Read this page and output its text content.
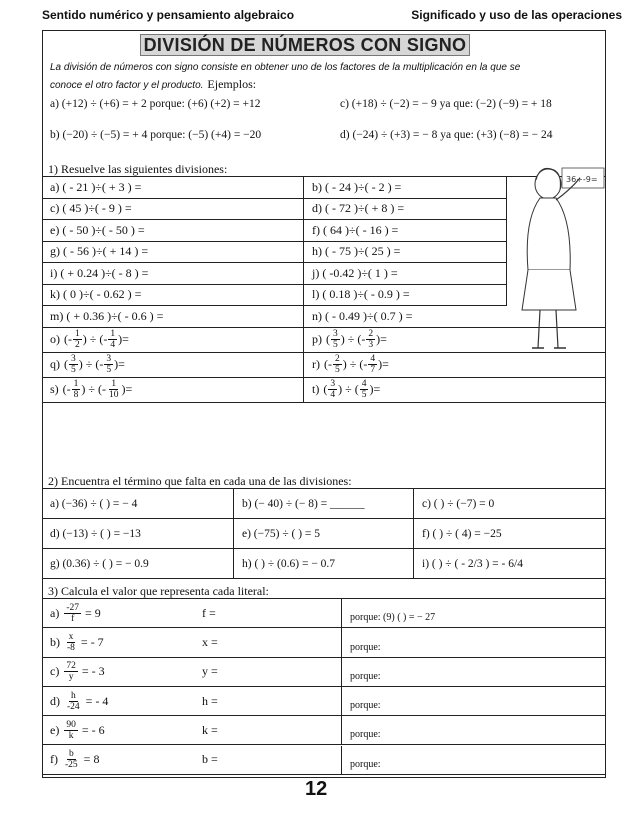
Sentido numérico y pensamiento algebraico	Significado y uso de las operaciones
DIVISIÓN DE NÚMEROS CON SIGNO
La división de números con signo consiste en obtener uno de los factores de la multiplicación en la que se
conoce el otro factor y el producto. Ejemplos:
a) (+12) ÷ (+6) = + 2 porque: (+6) (+2) = +12
b) (−20) ÷ (−5) = + 4 porque: (−5) (+4) = −20
c) (+18) ÷ (−2) = − 9 ya que: (−2) (−9) = + 18
d) (−24) ÷ (+3) = − 8 ya que: (+3) (−8) = − 24
1) Resuelve las siguientes divisiones:
a) ( - 21 )÷( + 3 ) =	b) ( - 24 )÷( - 2 ) =
c) ( 45 )÷( - 9 ) =	d) ( - 72 )÷( + 8 ) =
e) ( - 50 )÷( - 50 ) =	f) ( 64 )÷( - 16 ) =
g) ( - 56 )÷( + 14 ) =	h) ( - 75 )÷( 25 ) =
i) ( + 0.24 )÷( - 8 ) =	j) ( -0.42 )÷( 1 ) =
k) ( 0 )÷( - 0.62 ) =	l) ( 0.18 )÷( - 0.9 ) =
m) ( + 0.36 )÷( - 0.6 ) =	n) ( - 0.49 )÷( 0.7 ) =
o) (- $\frac{1}{2}$ ) ÷ (- $\frac{1}{4}$ ) =	p) ( $\frac{3}{5}$ ) ÷ (- $\frac{2}{3}$ ) =
q) ( $\frac{3}{5}$ ) ÷ (- $\frac{3}{5}$ ) =	r) (- $\frac{2}{5}$ ) ÷ (- $\frac{4}{7}$ ) =
s) (- $\frac{1}{8}$ ) ÷ (- $\frac{1}{10}$ ) =	t) ( $\frac{3}{4}$ ) ÷ ( $\frac{4}{5}$ ) =
36÷-9=
2) Encuentra el término que falta en cada una de las divisiones:
a) (−36) ÷ ( ) = − 4	b) (− 40) ÷ (− 8) = ______	c) ( ) ÷ (−7) = 0
d) (−13) ÷ ( ) = −13	e) (−75) ÷ ( ) = 5	f) ( ) ÷ ( 4) = −25
g) (0.36) ÷ ( ) = − 0.9	h) ( ) ÷ (0.6) = − 0.7	i) ( ) ÷ ( - 2/3 ) = - 6/4
3) Calcula el valor que representa cada literal:
$a) \frac{-27}{f} = 9$	f =	porque: (9) ( ) = − 27
$b) \frac{x}{-8}$ = - 7	x =	porque:
$c) \frac{72}{y}$ = - 3	y =	porque:
$d) \frac{h}{-24}$ = - 4	h =	porque:
$e) \frac{90}{k}$ = - 6	k =	porque:
$f) \frac{b}{-25} = 8$	b =	porque:
12
